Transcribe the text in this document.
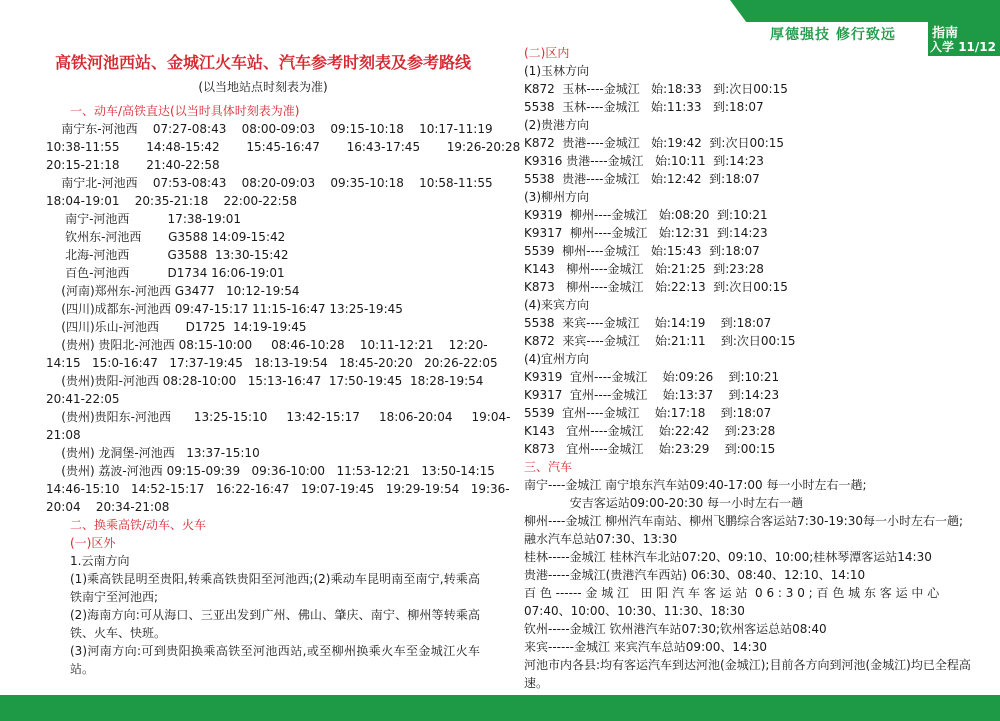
厚德强技 修行致远	指南
入学 11/12
高铁河池西站、金城江火车站、汽车参考时刻表及参考路线
(以当地站点时刻表为准)
一、动车/高铁直达(以当时具体时刻表为准)
南宁东-河池西    07:27-08:43    08:00-09:03    09:15-10:18    10:17-11:19
10:38-11:55       14:48-15:42       15:45-16:47       16:43-17:45       19:26-20:28
20:15-21:18       21:40-22:58
南宁北-河池西    07:53-08:43    08:20-09:03    09:35-10:18    10:58-11:55
18:04-19:01    20:35-21:18    22:00-22:58
南宁-河池西          17:38-19:01
钦州东-河池西       G3588 14:09-15:42
北海-河池西          G3588  13:30-15:42
百色-河池西          D1734 16:06-19:01
(河南)郑州东-河池西 G3477   10:12-19:54
(四川)成都东-河池西 09:47-15:17 11:15-16:47 13:25-19:45
(四川)乐山-河池西       D1725  14:19-19:45
(贵州) 贵阳北-河池西 08:15-10:00     08:46-10:28    10:11-12:21    12:20-
14:15   15:0-16:47   17:37-19:45   18:13-19:54   18:45-20:20   20:26-22:05
(贵州)贵阳-河池西 08:28-10:00   15:13-16:47  17:50-19:45  18:28-19:54
20:41-22:05
(贵州)贵阳东-河池西      13:25-15:10     13:42-15:17     18:06-20:04     19:04-
21:08
(贵州) 龙洞堡-河池西   13:37-15:10
(贵州) 荔波-河池西 09:15-09:39   09:36-10:00   11:53-12:21   13:50-14:15
14:46-15:10   14:52-15:17   16:22-16:47   19:07-19:45   19:29-19:54   19:36-
20:04    20:34-21:08
二、换乘高铁/动车、火车
(一)区外
1.云南方向
(1)乘高铁昆明至贵阳,转乘高铁贵阳至河池西;(2)乘动车昆明南至南宁,转乘高铁南宁至河池西;
(2)海南方向:可从海口、三亚出发到广州、佛山、肇庆、南宁、柳州等转乘高铁、火车、快班。
(3)河南方向:可到贵阳换乘高铁至河池西站,或至柳州换乘火车至金城江火车站。
(二)区内
(1)玉林方向
K872  玉林----金城江   始:18:33   到:次日00:15
5538  玉林----金城江   始:11:33   到:18:07
(2)贵港方向
K872  贵港----金城江   始:19:42  到:次日00:15
K9316 贵港----金城江   始:10:11  到:14:23
5538  贵港----金城江   始:12:42  到:18:07
(3)柳州方向
K9319  柳州----金城江   始:08:20  到:10:21
K9317  柳州----金城江   始:12:31  到:14:23
5539  柳州----金城江   始:15:43  到:18:07
K143   柳州----金城江   始:21:25  到:23:28
K873   柳州----金城江   始:22:13  到:次日00:15
(4)来宾方向
5538  来宾----金城江    始:14:19    到:18:07
K872  来宾----金城江    始:21:11    到:次日00:15
(4)宜州方向
K9319  宜州----金城江    始:09:26    到:10:21
K9317  宜州----金城江    始:13:37    到:14:23
5539  宜州----金城江    始:17:18    到:18:07
K143   宜州----金城江    始:22:42    到:23:28
K873   宜州----金城江    始:23:29    到:00:15
三、汽车
南宁----金城江 南宁埌东汽车站09:40-17:00 每一小时左右一趟;
安吉客运站09:00-20:30 每一小时左右一趟
柳州----金城江 柳州汽车南站、柳州飞鹏综合客运站7:30-19:30每一小时左右一趟;
融水汽车总站07:30、13:30
桂林-----金城江 桂林汽车北站07:20、09:10、10:00;桂林琴潭客运站14:30
贵港-----金城江(贵港汽车西站) 06:30、08:40、12:10、14:10
百 色 ------ 金 城 江   田 阳 汽 车 客 运 站  0 6 : 3 0 ; 百 色 城 东 客 运 中 心
07:40、10:00、10:30、11:30、18:30
钦州-----金城江 钦州港汽车站07:30;钦州客运总站08:40
来宾------金城江 来宾汽车总站09:00、14:30
河池市内各县:均有客运汽车到达河池(金城江);目前各方向到河池(金城江)均已全程高速。
